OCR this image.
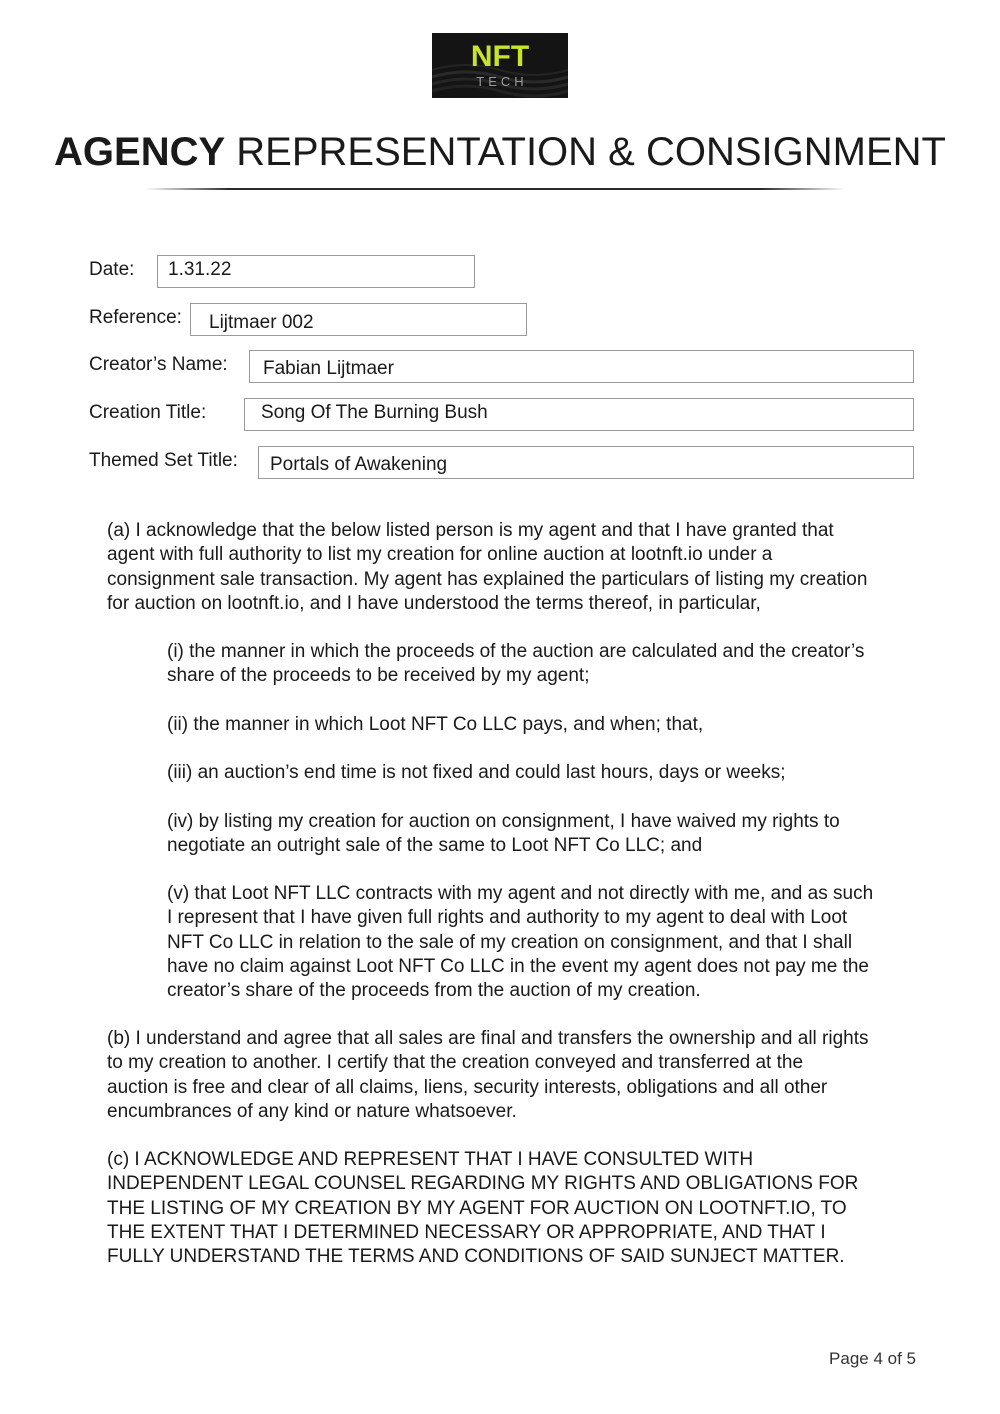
NFT
TECH
AGENCY REPRESENTATION & CONSIGNMENT
Date:	1.31.22
Reference:	Lijtmaer 002
Creator’s Name:	Fabian Lijtmaer
Creation Title:	Song Of The Burning Bush
Themed Set Title:	Portals of Awakening
(a) I acknowledge that the below listed person is my agent and that I have granted that
agent with full authority to list my creation for online auction at lootnft.io under a
consignment sale transaction. My agent has explained the particulars of listing my creation
for auction on lootnft.io, and I have understood the terms thereof, in particular,
(i) the manner in which the proceeds of the auction are calculated and the creator’s
share of the proceeds to be received by my agent;
(ii) the manner in which Loot NFT Co LLC pays, and when; that,
(iii) an auction’s end time is not fixed and could last hours, days or weeks;
(iv) by listing my creation for auction on consignment, I have waived my rights to
negotiate an outright sale of the same to Loot NFT Co LLC; and
(v) that Loot NFT LLC contracts with my agent and not directly with me, and as such
I represent that I have given full rights and authority to my agent to deal with Loot
NFT Co LLC in relation to the sale of my creation on consignment, and that I shall
have no claim against Loot NFT Co LLC in the event my agent does not pay me the
creator’s share of the proceeds from the auction of my creation.
(b) I understand and agree that all sales are final and transfers the ownership and all rights
to my creation to another. I certify that the creation conveyed and transferred at the
auction is free and clear of all claims, liens, security interests, obligations and all other
encumbrances of any kind or nature whatsoever.
(c) I ACKNOWLEDGE AND REPRESENT THAT I HAVE CONSULTED WITH
INDEPENDENT LEGAL COUNSEL REGARDING MY RIGHTS AND OBLIGATIONS FOR
THE LISTING OF MY CREATION BY MY AGENT FOR AUCTION ON LOOTNFT.IO, TO
THE EXTENT THAT I DETERMINED NECESSARY OR APPROPRIATE, AND THAT I
FULLY UNDERSTAND THE TERMS AND CONDITIONS OF SAID SUNJECT MATTER.
Page 4 of 5
